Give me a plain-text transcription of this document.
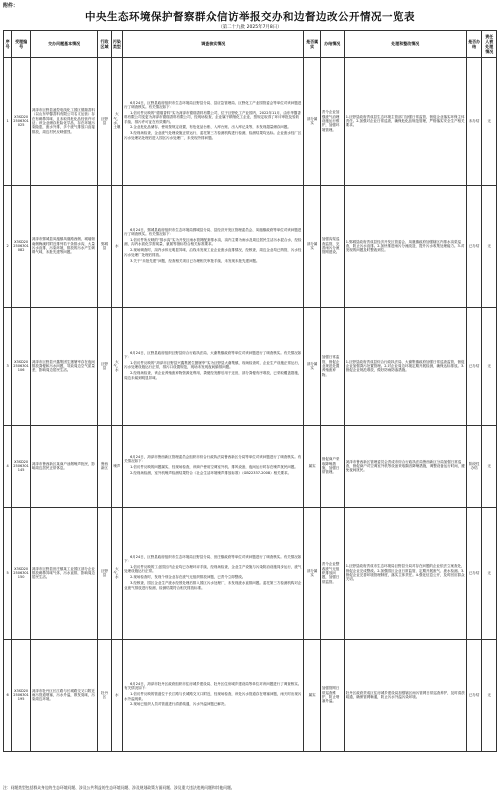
附件：
中央生态环境保护督察群众信访举报交办和边督边改公开情况一览表
（第二十九批 2025年7月8日）
序号	受理编号	交办问题基本情况	行政区域	污染类型	调查核实情况	是否属实	办结情况	处理和整改情况	是否办结	责任人被处理情况
1	X3SD202506301025	菏泽市巨野县凌控电线化工园区德瑞香料（以山东华馨香料有限公司名义运营）存在有刺鼻异味，且未取得危化品经营许可证；该企业储存危险化学品，存在环境污染隐患，废水外排，多个废气排放口直接排放，周边村民反映强烈。	巨野县	大气、水、土壤	6月24日，巨野县政府组织市生态环境局巨野县分局、县应急管理局、巨野化工产业园管委会等单位对该问题进行了调查核实。有关情况如下：
1.信访件反映的“德瑞香料”实为菏泽市德瑞香料有限公司，位于巨野化工产业园内，2022年11月，由东华馨香料有限公司变更为菏泽市德瑞香料有限公司，经现场检查，企业属于精细化工企业，按规定取得了环评审批及验收手续，排污许可证在有效期内。
2.企业危化品储存、使用按规定设置，有危化品台账、入库台账、出入库记录等，未发现超量储存问题。
3.经现场检查，企业废气处理设施正常运行，委托第三方检测机构进行检测，检测结果均达标。企业废水经厂区污水处理站处理后进入园区污水处理厂，未发现外排问题。	部分属实	责令企业加强废气治理设施运行维护，加强环境管理。	1.巨野县政府责成县生态环境主管部门加强日常监管，督促企业落实环保主体责任。2.加强对企业日常巡查，确保危化品规范管理，严格落实安全生产相关要求。	未办结	无
2	X3SD202506301082	菏泽市鄄城县凤凰镇凤凰路西侧、城墙街南侧梅溪村附近排列若干条排水沟，大量污水直排，污染环境，排放的污水产生刺鼻气味，未批先建等问题。	鄄城县	水	6月24日，鄄城县政府组织市生态环境局鄄城县分局、县经济开发区管理委员会、凤凰镇政府等单位对该问题进行了调查核实。有关情况如下：
1.信访件所反映的“排水沟”实为开发区雨水管网配套排水沟，沟内主要为雨水及周边居民生活污水混合水，经检测，沟内水质化学需氧量、氨氮等指标符合相关标准要求。
2.现场调查时，沟内水体无明显异味，沿线未发现工业企业废水直排情况，经核查，周边企业均已纳管，污水经污水处理厂处理后排放。
3.关于“未批先建”问题，经查相关项目已办理相关审批手续，未发现未批先建问题。	部分属实	加强沟渠巡查监管，完善雨污分流管网建设。	1.鄄城县政府责成县经济开发区管委会、凤凰镇政府加强辖区内排水沟渠巡查，防止污水直排。2.加快推进雨污分流改造，提升污水收集处理能力。3.对发现的问题及时整改到位。	已办结	无
3	X3SD202506301106	菏泽市巨野县兴鑫集团生猪屠宰存在夜间排放粪便和污水问题，导致周边空气质量差，影响周边居民生活。	巨野县	大气、水	6月24日，巨野县政府组织巨野县综合行政执法局、大谢集镇政府等单位对该问题进行了调查核实。有关情况如下：
1.信访件反映的“菏泽市巨野县兴鑫集团生猪屠宰”实为巨野县大谢集镇，现场检查时，企业生产设施正常运行，污水处理设施运行正常，排污口设置规范，现场未发现夜间偷排问题。
2.经现场检查，该企业养殖废弃物资源化利用，粪便经发酵后用于还田，部分粪便有序堆放，已采取覆盖措施，周边未闻到明显异味。	部分属实	加强日常监管，督促企业规范处置养殖废弃物。	1.巨野县政府责成县综合行政执法局、大谢集镇政府加强日常巡查监管，督促企业加强粪污处置管理。2.对企业周边环境定期开展检测，确保达标排放。3.督促企业规范堆放，做好防雨防渗措施。	已办结	无
4	X3SD202506301145	菏泽市鲁西新区某商户油烟噪声扰民，影响周边居民正常休息。	鲁西新区	噪声	6月24日，菏泽市鲁西新区管理委员会组织市综合行政执法局鲁西新区分局等单位对该问题进行了调查核实。有关情况如下：
1.信访件反映的问题属实，经现场检查，该商户使用空调室外机、排风设备，夜间运行时存在噪声扰民问题。
2.经现场检测，室外机噪声检测结果符合《社会生活环境噪声排放标准》（GB22337-2008）相关要求。	属实	督促商户采取降噪措施，加强日常管理。	菏泽市鲁西新区管理委员会责成市综合行政执法局鲁西新区分局加强日常巡查，督促商户对空调室外机等设备采取隔音降噪措施，调整设备运行时间，避免夜间扰民。	阶段性办结	无
5	X3SD202506301150	菏泽市巨野县田庄镇某工业园区部分企业排放刺鼻异味气体，污水直排，影响周边居民生活。	巨野县	大气、水	6月24日，巨野县政府组织市生态环境局巨野县分局、田庄镇政府等单位对该问题进行了调查核实。有关情况如下：
1.信访件反映的工业园区内企业均已办理环评手续，经现场检查，企业生产设施与污染防治设施同步运行，废气处理设施运行正常。
2.现场检查时，发现个别企业存在废气无组织排放问题，已责令立即整改。
3.经核查，园区企业生产废水经预处理后排入园区污水处理厂，未发现废水直排问题。委托第三方检测机构对企业废气排放进行检测，检测结果符合相关排放标准。	部分属实	责令企业整改废气无组织排放问题，加强日常监管。	1.巨野县政府责成市生态环境局巨野县分局对存在问题的企业依法立案查处，督促企业完成整改。2.加强园区企业日常监管，定期开展废气、废水检测。3.督促企业完善环境管理制度，落实主体责任。4.强化信息公开，及时回应群众关切。	已办结	无
6	X3SD202506301195	菏泽市牡丹区长江路与长城路交叉口附近雨污管道堵塞，污水外溢，散发臭味，污染周边环境。	牡丹区	水	6月24日，菏泽市牡丹区政府组织市住房城乡建设局、牡丹区住房城乡建设局等单位对该问题进行了调查核实。有关情况如下：
1.信访件反映的管道位于长江路与长城路交叉口附近，经现场检查，该处污水管道存在堵塞问题，雨天时出现污水外溢现象。
2.现场已组织人员对管道进行清淤疏通，污水外溢问题已解决。	属实	加强管网日常巡查维护，防止堵塞外溢。	牡丹区政府责成区住房城乡建设局加强辖区雨污管网日常巡查养护，及时清淤疏通，确保管网畅通，防止污水外溢污染环境。	已办结	无
注：问题类型包括群众身边的生态环境问题、涉及公共利益的生态环境问题、涉及规划政策方面问题、涉及重大违法违规问题和其他问题。
